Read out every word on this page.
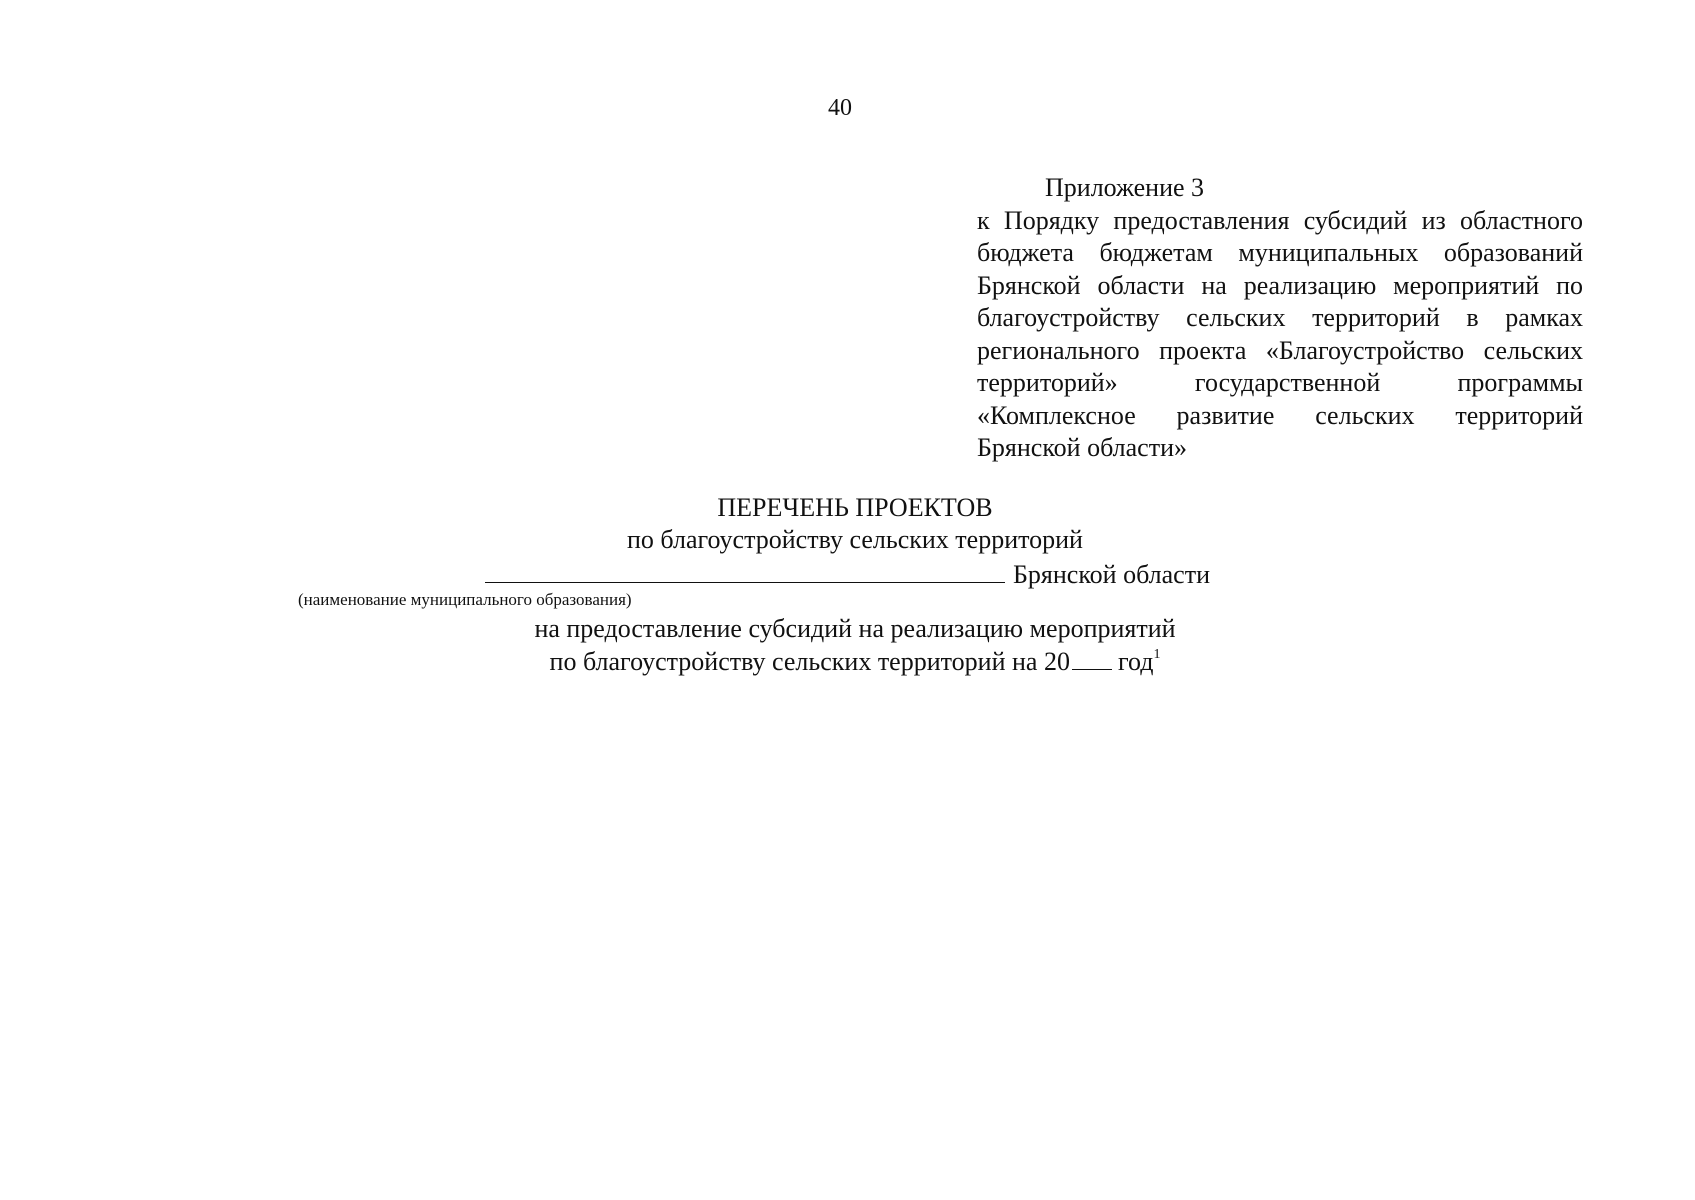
40
Приложение 3
к Порядку предоставления субсидий из областного бюджета бюджетам муниципальных образований Брянской области на реализацию мероприятий по благоустройству сельских территорий в рамках регионального проекта «Благоустройство сельских территорий» государственной программы «Комплексное развитие сельских территорий Брянской области»
ПЕРЕЧЕНЬ ПРОЕКТОВ
по благоустройству сельских территорий
Брянской области
(наименование муниципального образования)
на предоставление субсидий на реализацию мероприятий
по благоустройству сельских территорий на 20 год$^1$
